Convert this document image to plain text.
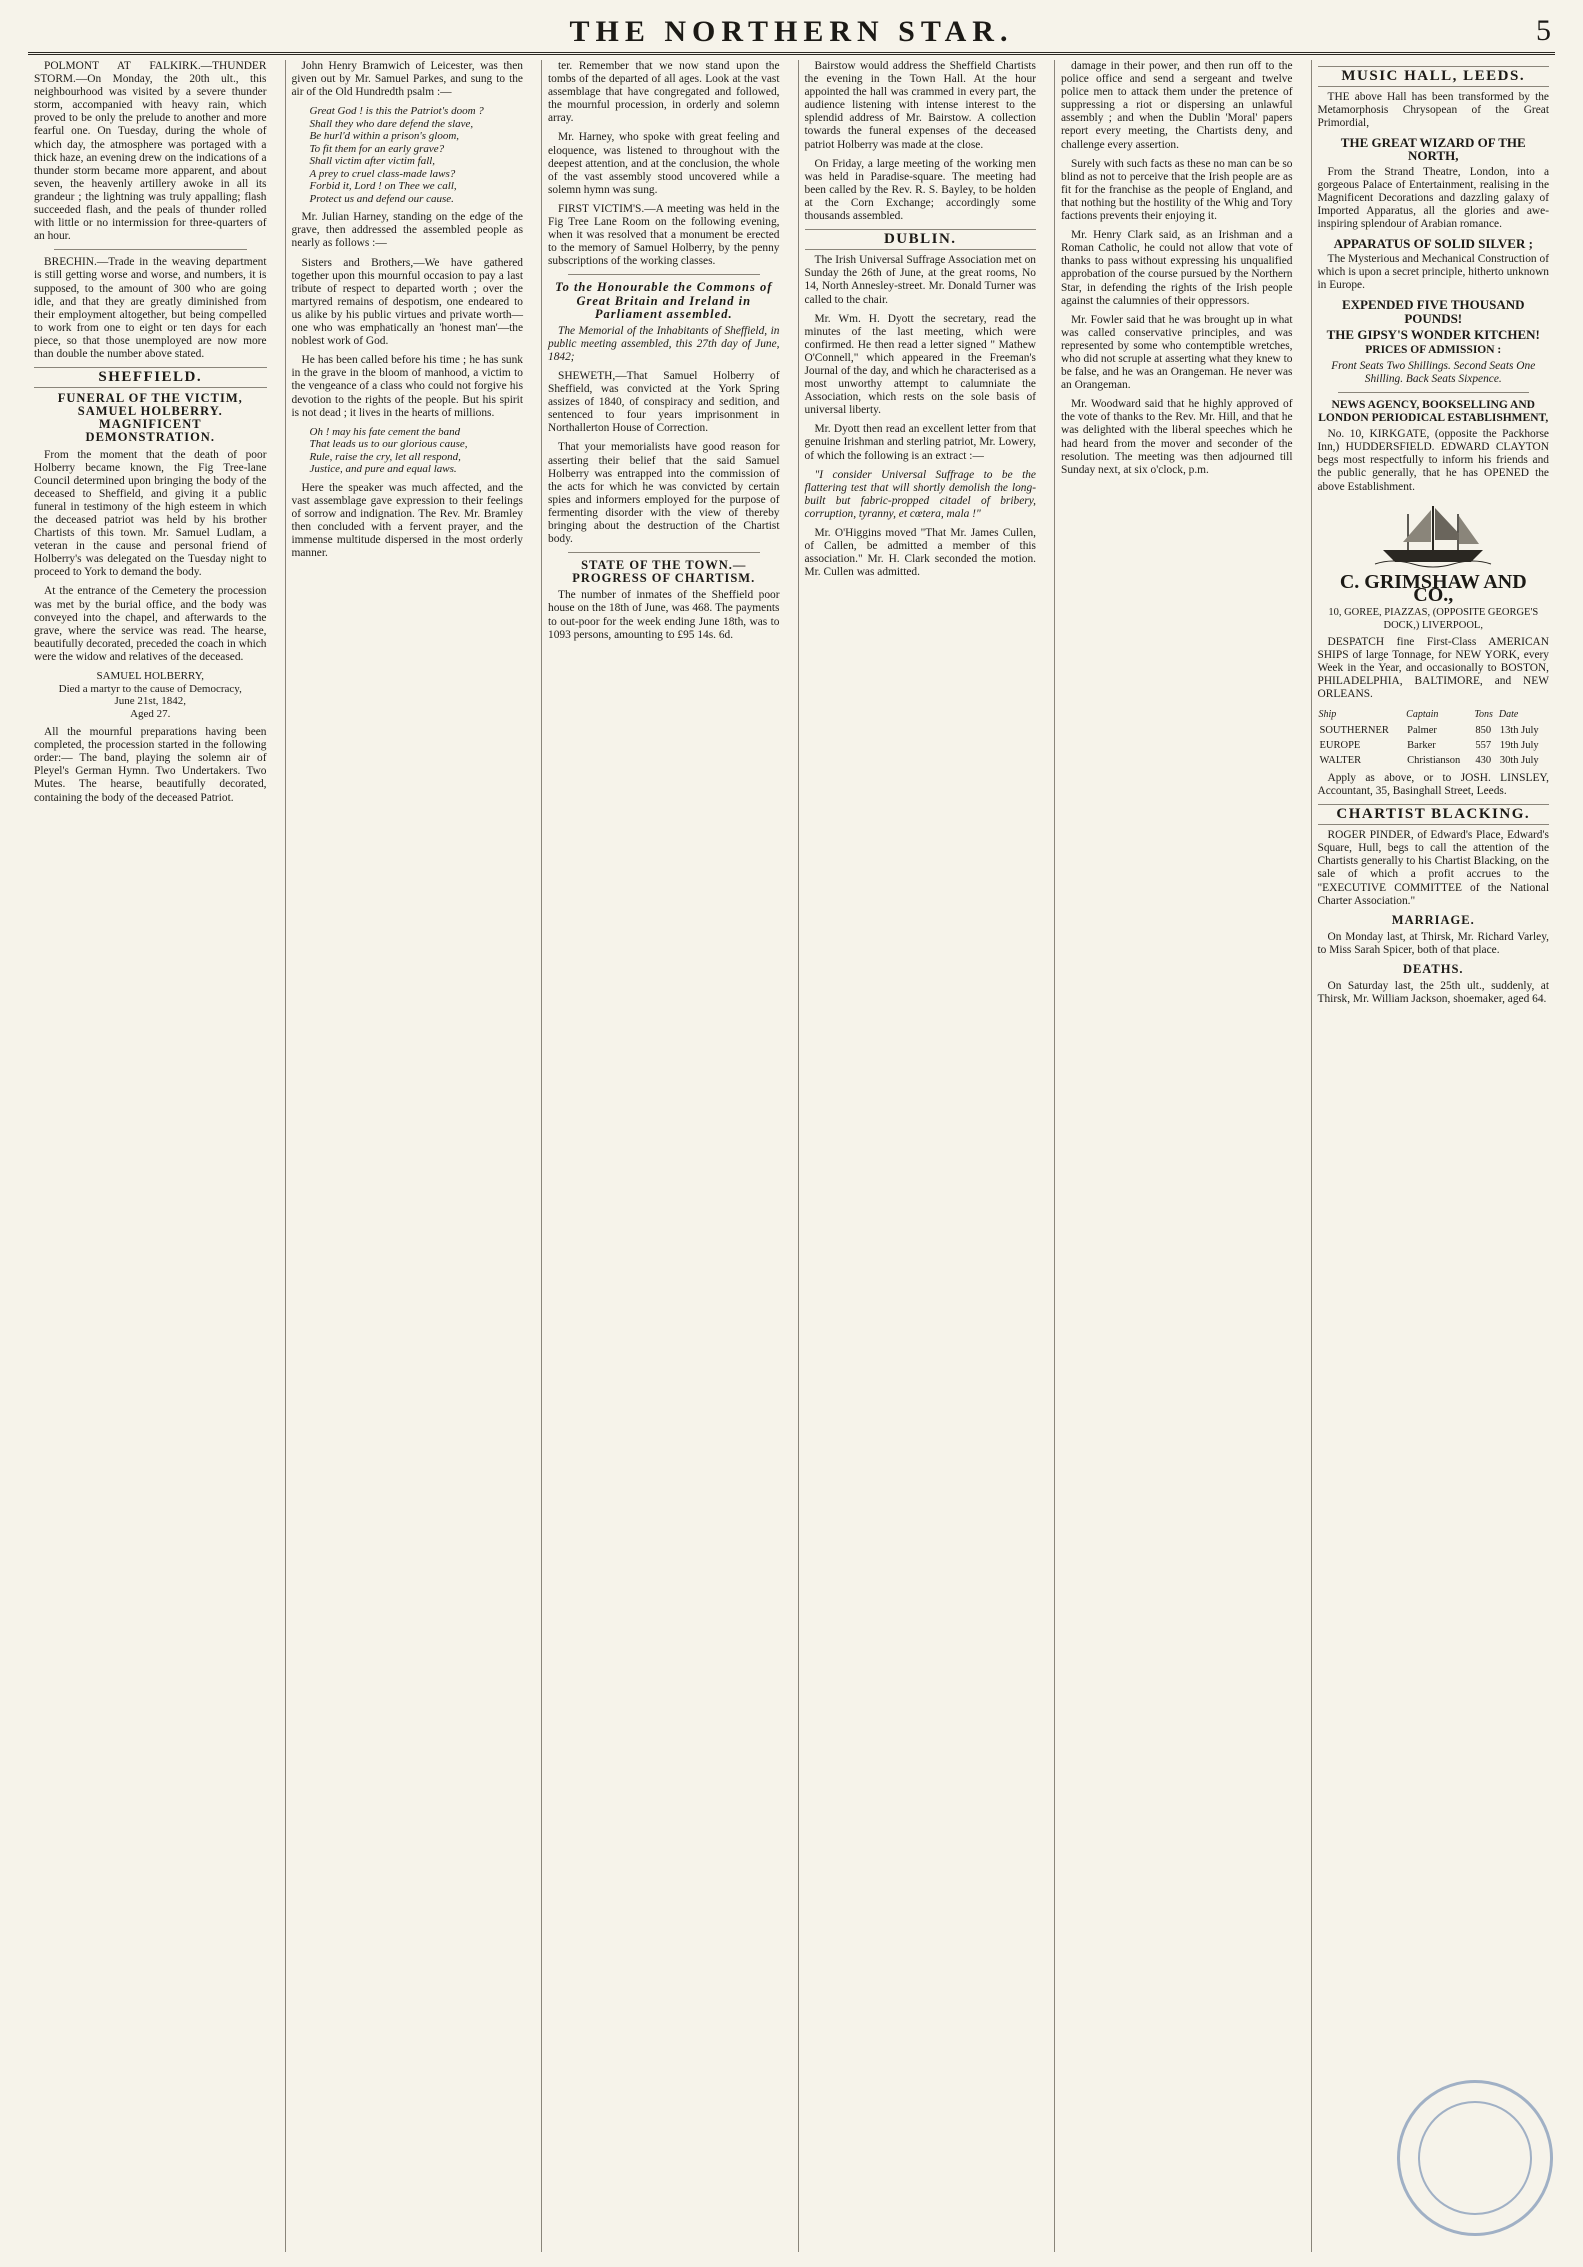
THE NORTHERN STAR.	5

POLMONT AT FALKIRK.—THUNDER STORM.—On Monday, the 20th ult., this neighbourhood was visited by a severe thunder storm, accompanied with heavy rain, which proved to be only the prelude to another and more fearful one. On Tuesday, during the whole of which day, the atmosphere was portaged with a thick haze, an evening drew on the indications of a thunder storm became more apparent, and about seven, the heavenly artillery awoke in all its grandeur ; the lightning was truly appalling; flash succeeded flash, and the peals of thunder rolled with little or no intermission for three-quarters of an hour.

BRECHIN.—Trade in the weaving department is still getting worse and worse, and numbers, it is supposed, to the amount of 300 who are going idle, and that they are greatly diminished from their employment altogether, but being compelled to work from one to eight or ten days for each piece, so that those unemployed are now more than double the number above stated.

SHEFFIELD.
FUNERAL OF THE VICTIM, SAMUEL HOLBERRY. MAGNIFICENT DEMONSTRATION.

From the moment that the death of poor Holberry became known, the Fig Tree-lane Council determined upon bringing the body of the deceased to Sheffield, and giving it a public funeral in testimony of the high esteem in which the deceased patriot was held by his brother Chartists of this town. Mr. Samuel Ludlam, a veteran in the cause and personal friend of Holberry's was delegated on the Tuesday night to proceed to York to demand the body.

At the entrance of the Cemetery the procession was met by the burial office, and the body was conveyed into the chapel, and afterwards to the grave, where the service was read. The hearse, beautifully decorated, preceded the coach in which were the widow and relatives of the deceased.

SAMUEL HOLBERRY,
Died a martyr to the cause of Democracy,
June 21st, 1842,
Aged 27.

All the mournful preparations having been completed, the procession started in the following order:— The band, playing the solemn air of Pleyel's German Hymn. Two Undertakers. Two Mutes. The hearse, beautifully decorated, containing the body of the deceased Patriot.

John Henry Bramwich of Leicester, was then given out by Mr. Samuel Parkes, and sung to the air of the Old Hundredth psalm :—

Great God ! is this the Patriot's doom ?
Shall they who dare defend the slave,
Be hurl'd within a prison's gloom,
To fit them for an early grave?
Shall victim after victim fall,
A prey to cruel class-made laws?
Forbid it, Lord ! on Thee we call,
Protect us and defend our cause.

Mr. Julian Harney, standing on the edge of the grave, then addressed the assembled people as nearly as follows :—

Sisters and Brothers,—We have gathered together upon this mournful occasion to pay a last tribute of respect to departed worth ; over the martyred remains of despotism, one endeared to us alike by his public virtues and private worth—one who was emphatically an 'honest man'—the noblest work of God.

He has been called before his time ; he has sunk in the grave in the bloom of manhood, a victim to the vengeance of a class who could not forgive his devotion to the rights of the people. But his spirit is not dead ; it lives in the hearts of millions.

Oh ! may his fate cement the band
That leads us to our glorious cause,
Rule, raise the cry, let all respond,
Justice, and pure and equal laws.

Here the speaker was much affected, and the vast assemblage gave expression to their feelings of sorrow and indignation. The Rev. Mr. Bramley then concluded with a fervent prayer, and the immense multitude dispersed in the most orderly manner.

ter. Remember that we now stand upon the tombs of the departed of all ages. Look at the vast assemblage that have congregated and followed, the mournful procession, in orderly and solemn array.

Mr. Harney, who spoke with great feeling and eloquence, was listened to throughout with the deepest attention, and at the conclusion, the whole of the vast assembly stood uncovered while a solemn hymn was sung.

FIRST VICTIM'S.—A meeting was held in the Fig Tree Lane Room on the following evening, when it was resolved that a monument be erected to the memory of Samuel Holberry, by the penny subscriptions of the working classes.

To the Honourable the Commons of Great Britain and Ireland in Parliament assembled.

The Memorial of the Inhabitants of Sheffield, in public meeting assembled, this 27th day of June, 1842;

SHEWETH,—That Samuel Holberry of Sheffield, was convicted at the York Spring assizes of 1840, of conspiracy and sedition, and sentenced to four years imprisonment in Northallerton House of Correction.

That your memorialists have good reason for asserting their belief that the said Samuel Holberry was entrapped into the commission of the acts for which he was convicted by certain spies and informers employed for the purpose of fermenting disorder with the view of thereby bringing about the destruction of the Chartist body.

STATE OF THE TOWN.—PROGRESS OF CHARTISM.

The number of inmates of the Sheffield poor house on the 18th of June, was 468. The payments to out-poor for the week ending June 18th, was to 1093 persons, amounting to £95 14s. 6d.

Bairstow would address the Sheffield Chartists the evening in the Town Hall. At the hour appointed the hall was crammed in every part, the audience listening with intense interest to the splendid address of Mr. Bairstow. A collection towards the funeral expenses of the deceased patriot Holberry was made at the close.

On Friday, a large meeting of the working men was held in Paradise-square. The meeting had been called by the Rev. R. S. Bayley, to be holden at the Corn Exchange; accordingly some thousands assembled.

DUBLIN.

The Irish Universal Suffrage Association met on Sunday the 26th of June, at the great rooms, No 14, North Annesley-street. Mr. Donald Turner was called to the chair.

Mr. Wm. H. Dyott the secretary, read the minutes of the last meeting, which were confirmed. He then read a letter signed " Mathew O'Connell," which appeared in the Freeman's Journal of the day, and which he characterised as a most unworthy attempt to calumniate the Association, which rests on the sole basis of universal liberty.

Mr. Dyott then read an excellent letter from that genuine Irishman and sterling patriot, Mr. Lowery, of which the following is an extract :—

"I consider Universal Suffrage to be the flattering test that will shortly demolish the long-built but fabric-propped citadel of bribery, corruption, tyranny, et cœtera, mala !"

Mr. O'Higgins moved "That Mr. James Cullen, of Callen, be admitted a member of this association." Mr. H. Clark seconded the motion. Mr. Cullen was admitted.

damage in their power, and then run off to the police office and send a sergeant and twelve police men to attack them under the pretence of suppressing a riot or dispersing an unlawful assembly ; and when the Dublin 'Moral' papers report every meeting, the Chartists deny, and challenge every assertion.

Surely with such facts as these no man can be so blind as not to perceive that the Irish people are as fit for the franchise as the people of England, and that nothing but the hostility of the Whig and Tory factions prevents their enjoying it.

Mr. Henry Clark said, as an Irishman and a Roman Catholic, he could not allow that vote of thanks to pass without expressing his unqualified approbation of the course pursued by the Northern Star, in defending the rights of the Irish people against the calumnies of their oppressors.

Mr. Fowler said that he was brought up in what was called conservative principles, and was represented by some who contemptible wretches, who did not scruple at asserting what they knew to be false, and he was an Orangeman. He never was an Orangeman.

Mr. Woodward said that he highly approved of the vote of thanks to the Rev. Mr. Hill, and that he was delighted with the liberal speeches which he had heard from the mover and seconder of the resolution. The meeting was then adjourned till Sunday next, at six o'clock, p.m.

MUSIC HALL, LEEDS.

THE above Hall has been transformed by the Metamorphosis Chrysopean of the Great Primordial,

THE GREAT WIZARD OF THE NORTH,

From the Strand Theatre, London, into a gorgeous Palace of Entertainment, realising in the Magnificent Decorations and dazzling galaxy of Imported Apparatus, all the glories and awe-inspiring splendour of Arabian romance.

APPARATUS OF SOLID SILVER ;

The Mysterious and Mechanical Construction of which is upon a secret principle, hitherto unknown in Europe.

EXPENDED FIVE THOUSAND POUNDS!
THE GIPSY'S WONDER KITCHEN!
PRICES OF ADMISSION :

Front Seats Two Shillings. Second Seats One Shilling. Back Seats Sixpence.

NEWS AGENCY, BOOKSELLING AND LONDON PERIODICAL ESTABLISHMENT,

No. 10, KIRKGATE, (opposite the Packhorse Inn,) HUDDERSFIELD. EDWARD CLAYTON begs most respectfully to inform his friends and the public generally, that he has OPENED the above Establishment.

C. GRIMSHAW AND CO.,
10, GOREE, PIAZZAS, (OPPOSITE GEORGE'S DOCK,) LIVERPOOL,

DESPATCH fine First-Class AMERICAN SHIPS of large Tonnage, for NEW YORK, every Week in the Year, and occasionally to BOSTON, PHILADELPHIA, BALTIMORE, and NEW ORLEANS.

Ship	Captain	Tons	Date
SOUTHERNER	Palmer	850	13th July
EUROPE	Barker	557	19th July
WALTER	Christianson	430	30th July

Apply as above, or to JOSH. LINSLEY, Accountant, 35, Basinghall Street, Leeds.

CHARTIST BLACKING.

ROGER PINDER, of Edward's Place, Edward's Square, Hull, begs to call the attention of the Chartists generally to his Chartist Blacking, on the sale of which a profit accrues to the "EXECUTIVE COMMITTEE of the National Charter Association."

MARRIAGE.

On Monday last, at Thirsk, Mr. Richard Varley, to Miss Sarah Spicer, both of that place.

DEATHS.

On Saturday last, the 25th ult., suddenly, at Thirsk, Mr. William Jackson, shoemaker, aged 64.
